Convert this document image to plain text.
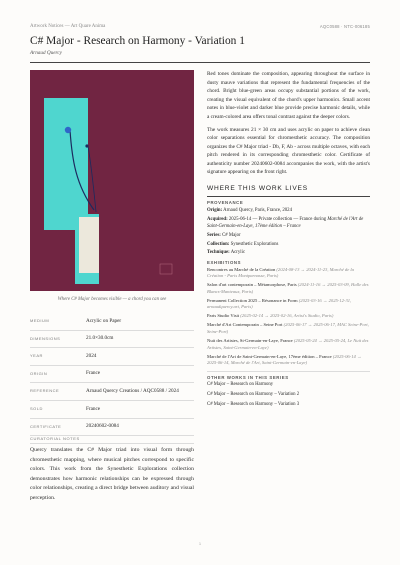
Artwork Notices — Art Quare Anima	AQC0588 · NTC-006185
C# Major - Research on Harmony - Variation 1
Arnaud Quercy
Where C# Major becomes visible — a chord you can see
MEDIUM	Acrylic on Paper
DIMENSIONS	21.0×30.0cm
YEAR	2024
ORIGIN	France
REFERENCE	Arnaud Quercy Creations / AQC0588 / 2024
SOLD	France
CERTIFICATE	20240602-0084
CURATORIAL NOTES

Quercy translates the C# Major triad into visual form through chromesthetic mapping, where musical pitches correspond to specific colors. This work from the Synesthetic Explorations collection demonstrates how harmonic relationships can be expressed through color relationships, creating a direct bridge between auditory and visual perception.

Red tones dominate the composition, appearing throughout the surface in dusty mauve variations that represent the fundamental frequencies of the chord. Bright blue-green areas occupy substantial portions of the work, creating the visual equivalent of the chord's upper harmonics. Small accent notes in blue-violet and darker blue provide precise harmonic details, while a cream-colored area offers tonal contrast against the deeper colors.

The work measures 21 × 30 cm and uses acrylic on paper to achieve clean color separations essential for chromesthetic accuracy. The composition organizes the C# Major triad - Db, F, Ab - across multiple octaves, with each pitch rendered in its corresponding chromesthetic color. Certificate of authenticity number 20240602-0084 accompanies the work, with the artist's signature appearing on the front right.

WHERE THIS WORK LIVES
PROVENANCE
Origin: Arnaud Quercy, Paris, France, 2024
Acquired: 2025-06-14 — Private collection — France during Marché de l'Art de Saint-Germain-en-Laye, 17ème édition – France
Series: C# Major
Collection: Synesthetic Explorations
Technique: Acrylic
EXHIBITIONS
Rencontres au Marché de la Création (2024-08-13 → 2024-11-23, Marché de la Création - Paris Montparnasse, Paris)
Salon d'art contemporain – Métamorphose, Paris (2024-11-16 → 2025-03-09, Halle des Blancs-Manteaux, Paris)
Permanent Collection 2025 – Résonance in Form (2025-03-16 → 2025-12-31, arnaudquercy.art, Paris)
Paris Studio Visit (2025-02-14 → 2025-02-16, Artist's Studio, Paris)
Marché d'Art Contemporain – Seine Port (2025-06-17 → 2025-06-17, MAC Seine-Port, Seine-Port)
Nuit des Artistes, St-Germain-en-Laye, France (2025-05-24 → 2025-05-24, Le Nuit des Artistes, Saint-Germain-en-Laye)
Marché de l'Art de Saint-Germain-en-Laye, 17ème édition – France (2025-06-14 → 2025-06-14, Marché de l'Art, Saint-Germain-en-Laye)
OTHER WORKS IN THIS SERIES
C# Major – Research on Harmony
C# Major – Research on Harmony – Variation 2
C# Major – Research on Harmony – Variation 3
1
